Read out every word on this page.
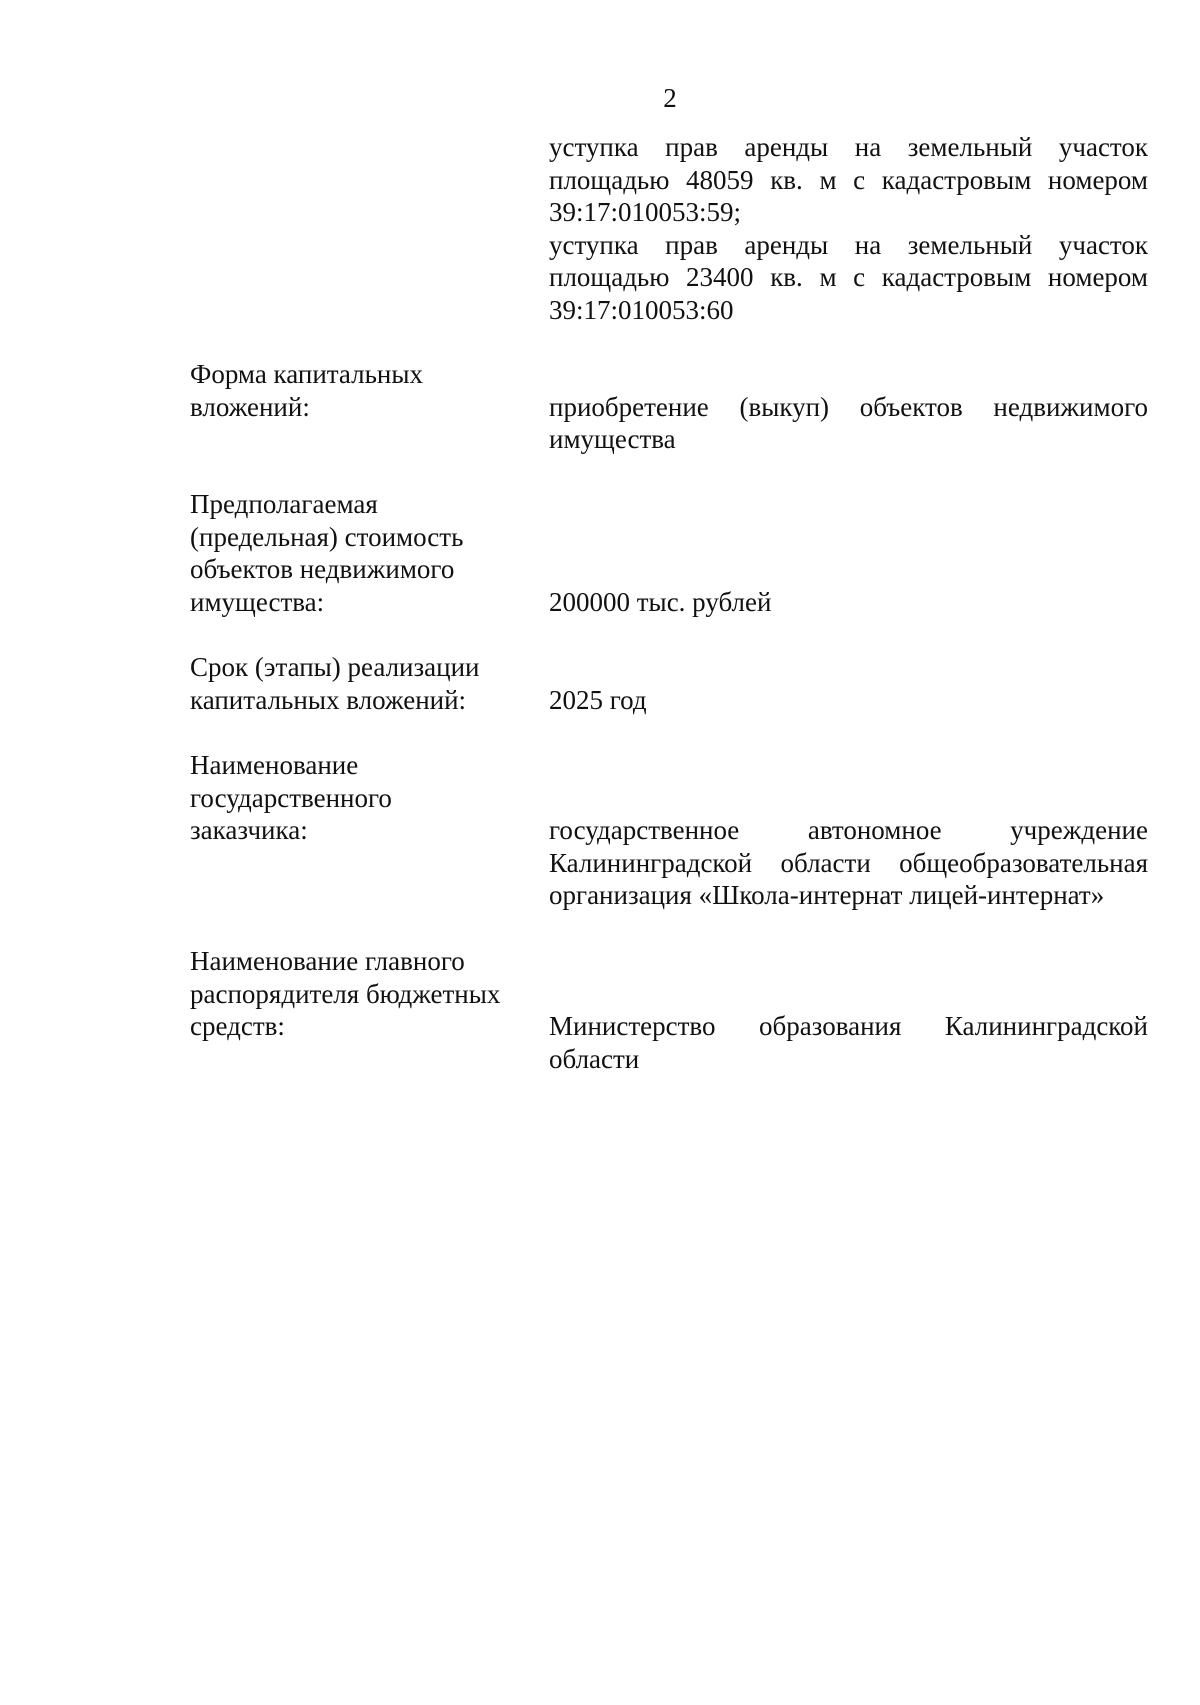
2

уступка прав аренды на земельный участок площадью 48059 кв. м с кадастровым номером 39:17:010053:59;

уступка прав аренды на земельный участок площадью 23400 кв. м с кадастровым номером 39:17:010053:60

Форма капитальных вложений:	приобретение (выкуп) объектов недвижимого имущества
Предполагаемая (предельная) стоимость объектов недвижимого имущества:	200000 тыс. рублей
Срок (этапы) реализации капитальных вложений:	2025 год
Наименование государственного заказчика:	государственное автономное учреждение Калининградской области общеобразовательная организация «Школа-интернат лицей-интернат»
Наименование главного распорядителя бюджетных средств:	Министерство образования Калининградской области
